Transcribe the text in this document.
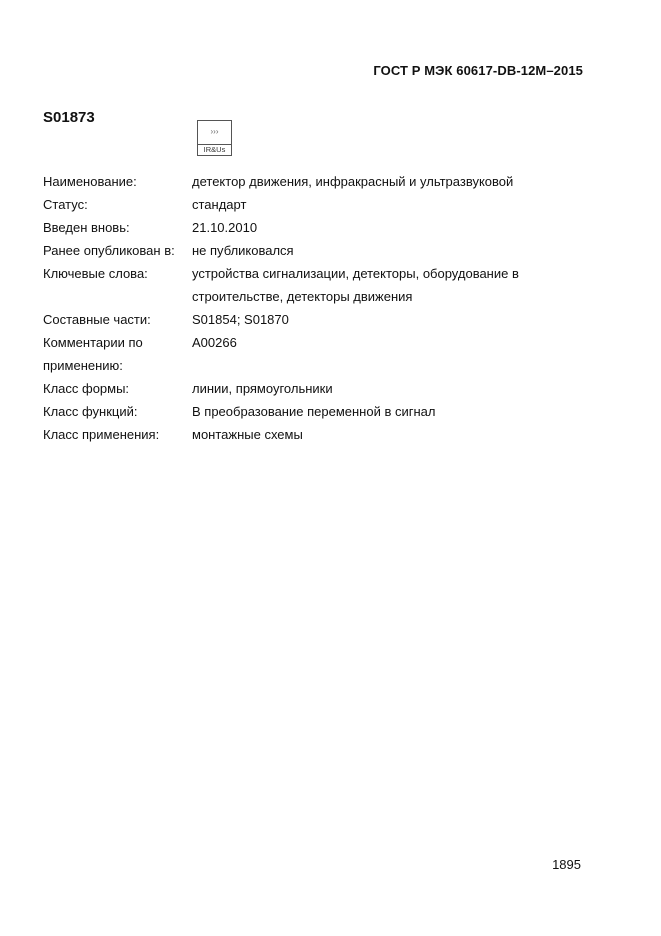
ГОСТ Р МЭК 60617-DB-12M–2015
S01873
›››
IR&Us
Наименование:	детектор движения, инфракрасный и ультразвуковой
Статус:	стандарт
Введен вновь:	21.10.2010
Ранее опубликован в:	не публиковался
Ключевые слова:	устройства сигнализации, детекторы, оборудование в
строительстве, детекторы движения
Составные части:	S01854; S01870
Комментарии по
применению:
A00266
Класс формы:	линии, прямоугольники
Класс функций:	В преобразование переменной в сигнал
Класс применения:	монтажные схемы
1895
